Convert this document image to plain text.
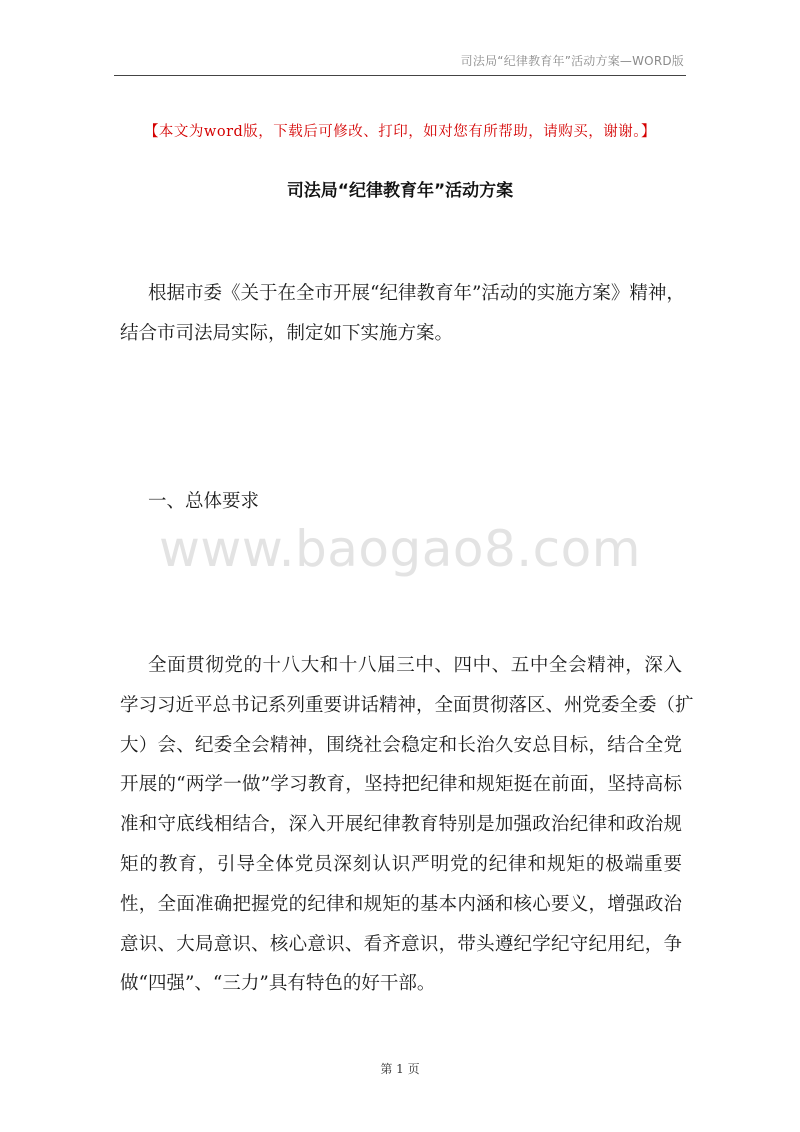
司法局“纪律教育年”活动方案—WORD版
【本文为word版，下载后可修改、打印，如对您有所帮助，请购买，谢谢。】
司法局“纪律教育年”活动方案
根据市委《关于在全市开展“纪律教育年”活动的实施方案》精神，
结合市司法局实际，制定如下实施方案。
一、总体要求
www.baogao8.com
全面贯彻党的十八大和十八届三中、四中、五中全会精神，深入
学习习近平总书记系列重要讲话精神，全面贯彻落区、州党委全委（扩
大）会、纪委全会精神，围绕社会稳定和长治久安总目标，结合全党
开展的“两学一做”学习教育，坚持把纪律和规矩挺在前面，坚持高标
准和守底线相结合，深入开展纪律教育特别是加强政治纪律和政治规
矩的教育，引导全体党员深刻认识严明党的纪律和规矩的极端重要
性，全面准确把握党的纪律和规矩的基本内涵和核心要义，增强政治
意识、大局意识、核心意识、看齐意识，带头遵纪学纪守纪用纪，争
做“四强”、“三力”具有特色的好干部。
第 1 页
